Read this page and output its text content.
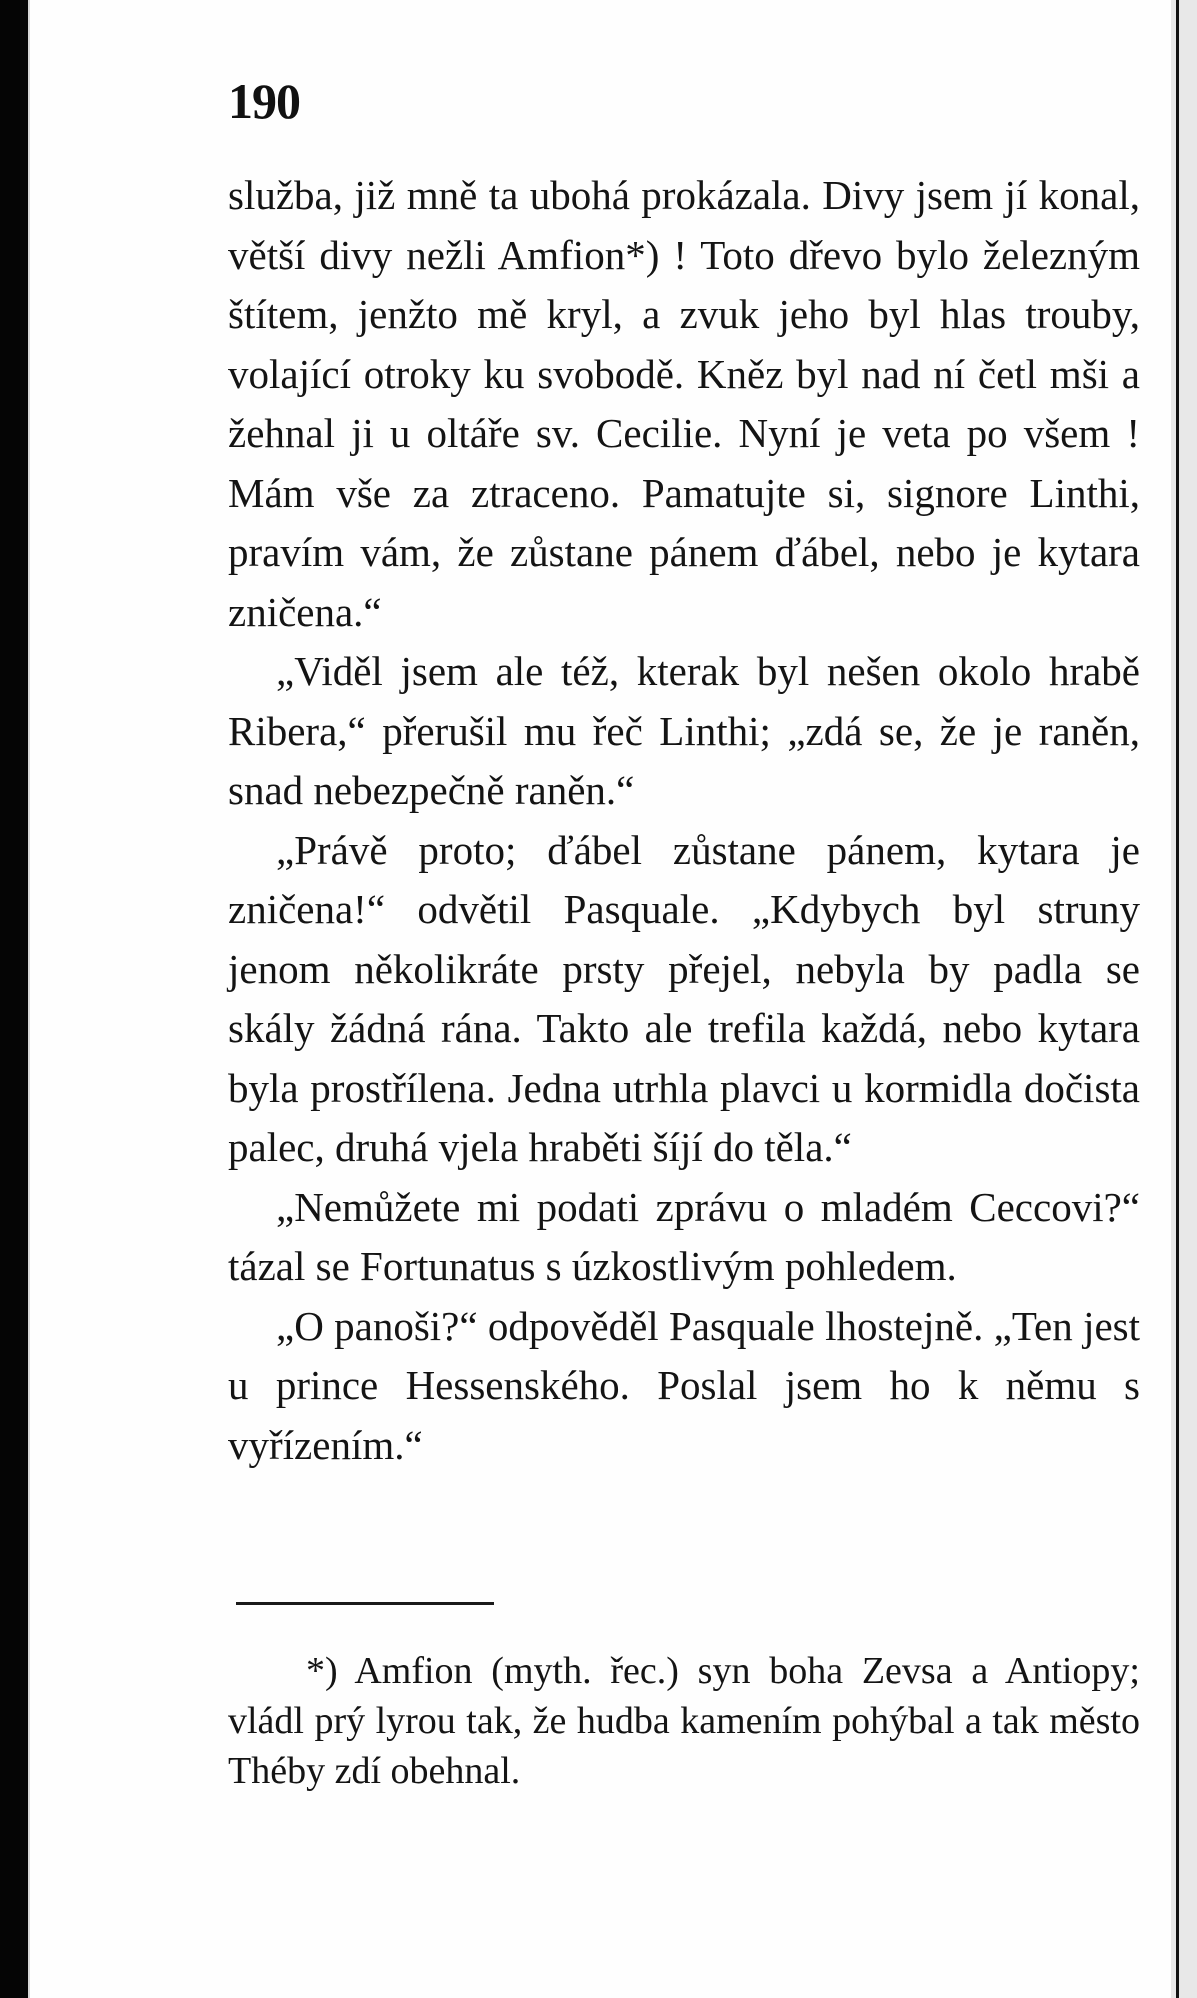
190

služba, již mně ta ubohá prokázala. Divy jsem jí konal, větší divy nežli Amfion*) ! Toto dřevo bylo železným štítem, jenžto mě kryl, a zvuk jeho byl hlas trouby, volající otroky ku svobodě. Kněz byl nad ní četl mši a žehnal ji u oltáře sv. Cecilie. Nyní je veta po všem ! Mám vše za ztraceno. Pamatujte si, signore Linthi, pravím vám, že zůstane pánem ďábel, nebo je kytara zničena.“

„Viděl jsem ale též, kterak byl nešen okolo hrabě Ribera,“ přerušil mu řeč Linthi; „zdá se, že je raněn, snad nebezpečně raněn.“

„Právě proto; ďábel zůstane pánem, kytara je zničena!“ odvětil Pasquale. „Kdybych byl struny jenom několikráte prsty přejel, nebyla by padla se skály žádná rána. Takto ale trefila každá, nebo kytara byla prostřílena. Jedna utrhla plavci u kormidla dočista palec, druhá vjela hraběti šíjí do těla.“

„Nemůžete mi podati zprávu o mladém Ceccovi?“ tázal se Fortunatus s úzkostlivým pohledem.

„O panoši?“ odpověděl Pasquale lhostejně. „Ten jest u prince Hessenského. Poslal jsem ho k němu s vyřízením.“

*) Amfion (myth. řec.) syn boha Zevsa a Antiopy; vládl prý lyrou tak, že hudba kamením pohýbal a tak město Théby zdí obehnal.
